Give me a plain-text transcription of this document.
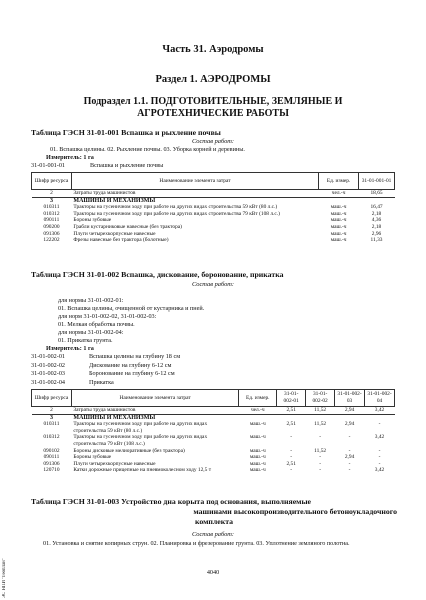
Часть 31. Аэродромы
Раздел 1. АЭРОДРОМЫ
Подраздел 1.1. ПОДГОТОВИТЕЛЬНЫЕ, ЗЕМЛЯНЫЕ И
АГРОТЕХНИЧЕСКИЕ РАБОТЫ
Таблица ГЭСН 31-01-001 Вспашка и рыхление почвы
Состав работ:
01. Вспашка целины. 02. Рыхление почвы. 03. Уборка корней и деревины.
Измеритель: 1 га
31-01-001-01	Вспашка и рыхление почвы
Шифр ресурса	Наименование элемента затрат	Ед. измер.	31-01-001-01
2	Затраты труда машинистов	чел.-ч	18,65
3	МАШИНЫ И МЕХАНИЗМЫ		
010311	Тракторы на гусеничном ходу при работе на других видах строительства 59 кВт (80 л.с.)	маш.-ч	16,47
010312	Тракторы на гусеничном ходу при работе на других видах строительства 79 кВт (108 л.с.)	маш.-ч	2,18
090111	Бороны зубовые	маш.-ч	4,36
090200	Грабли кустарниковые навесные (без трактора)	маш.-ч	2,18
091306	Плуги четырехкорпусные навесные	маш.-ч	2,96
122202	Фрезы навесные без трактора (болотные)	маш.-ч	11,33
Таблица ГЭСН 31-01-002 Вспашка, дискование, боронование, прикатка
Состав работ:
для нормы 31-01-002-01:
01. Вспашка целины, очищенной от кустарника и пней.
для норм 31-01-002-02, 31-01-002-03:
01. Мелкая обработка почвы.
для нормы 31-01-002-04:
01. Прикатка грунта.
Измеритель: 1 га
31-01-002-01	Вспашка целины на глубину 18 см
31-01-002-02	Дискование на глубину 6-12 см
31-01-002-03	Боронование на глубину 6-12 см
31-01-002-04	Прикатка
Шифр ресурса	Наименование элемента затрат	Ед. измер.	31-01-002-01	31-01-002-02	31-01-002-03	31-01-002-04
2	Затраты труда машинистов	чел.-ч	2,51	11,52	2,94	3,42
3	МАШИНЫ И МЕХАНИЗМЫ					
010311	Тракторы на гусеничном ходу при работе на других видах строительства 59 кВт (80 л.с.)	маш.-ч	2,51	11,52	2,94	-
010312	Тракторы на гусеничном ходу при работе на других видах строительства 79 кВт (108 л.с.)	маш.-ч	-	-	-	3,42
090102	Бороны дисковые мелиоративные (без трактора)	маш.-ч	-	11,52	-	-
090111	Бороны зубовые	маш.-ч	-	-	2,94	-
091306	Плуги четырехкорпусные навесные	маш.-ч	2,51	-	-	-
120710	Катки дорожные прицепные на пневмоколесном ходу 12,5 т	маш.-ч	-	-	-	3,42
Таблица ГЭСН 31-01-003 Устройство дна корыта под основания, выполняемые
машинами высокопроизводительного бетоноукладочного
комплекта
Состав работ:
01. Установка и снятие копирных струн. 02. Планировка и фрезерование грунта. 03. Уплотнение земляного полотна.
4040
ЭС НПИ "Геоплан"
